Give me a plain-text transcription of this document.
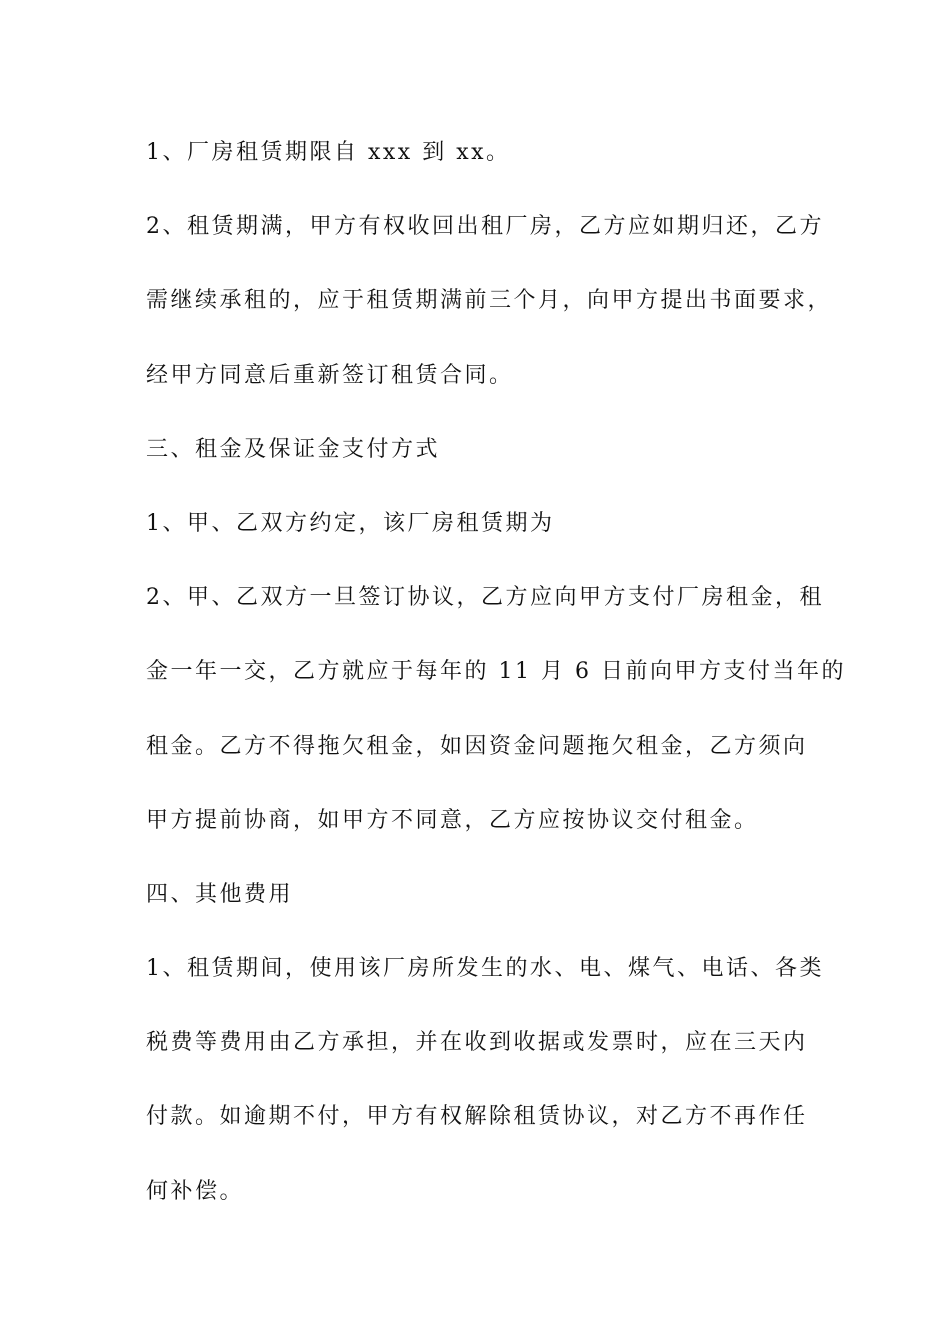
1、厂房租赁期限自 xxx 到 xx。
2、租赁期满，甲方有权收回出租厂房，乙方应如期归还，乙方
需继续承租的，应于租赁期满前三个月，向甲方提出书面要求，
经甲方同意后重新签订租赁合同。
三、租金及保证金支付方式
1、甲、乙双方约定，该厂房租赁期为
2、甲、乙双方一旦签订协议，乙方应向甲方支付厂房租金，租
金一年一交，乙方就应于每年的 11 月 6 日前向甲方支付当年的
租金。乙方不得拖欠租金，如因资金问题拖欠租金，乙方须向
甲方提前协商，如甲方不同意，乙方应按协议交付租金。
四、其他费用
1、租赁期间，使用该厂房所发生的水、电、煤气、电话、各类
税费等费用由乙方承担，并在收到收据或发票时，应在三天内
付款。如逾期不付，甲方有权解除租赁协议，对乙方不再作任
何补偿。
